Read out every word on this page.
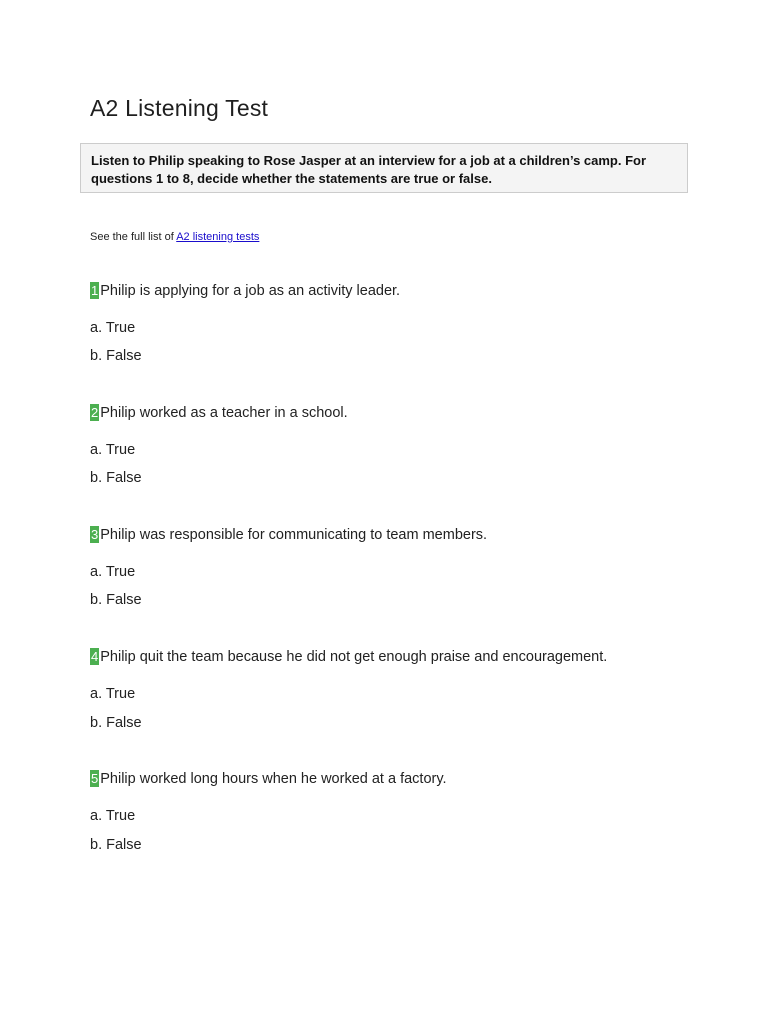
A2 Listening Test
Listen to Philip speaking to Rose Jasper at an interview for a job at a children’s camp. For questions 1 to 8, decide whether the statements are true or false.
See the full list of A2 listening tests
1 Philip is applying for a job as an activity leader.
a. True
b. False
2 Philip worked as a teacher in a school.
a. True
b. False
3 Philip was responsible for communicating to team members.
a. True
b. False
4 Philip quit the team because he did not get enough praise and encouragement.
a. True
b. False
5 Philip worked long hours when he worked at a factory.
a. True
b. False
